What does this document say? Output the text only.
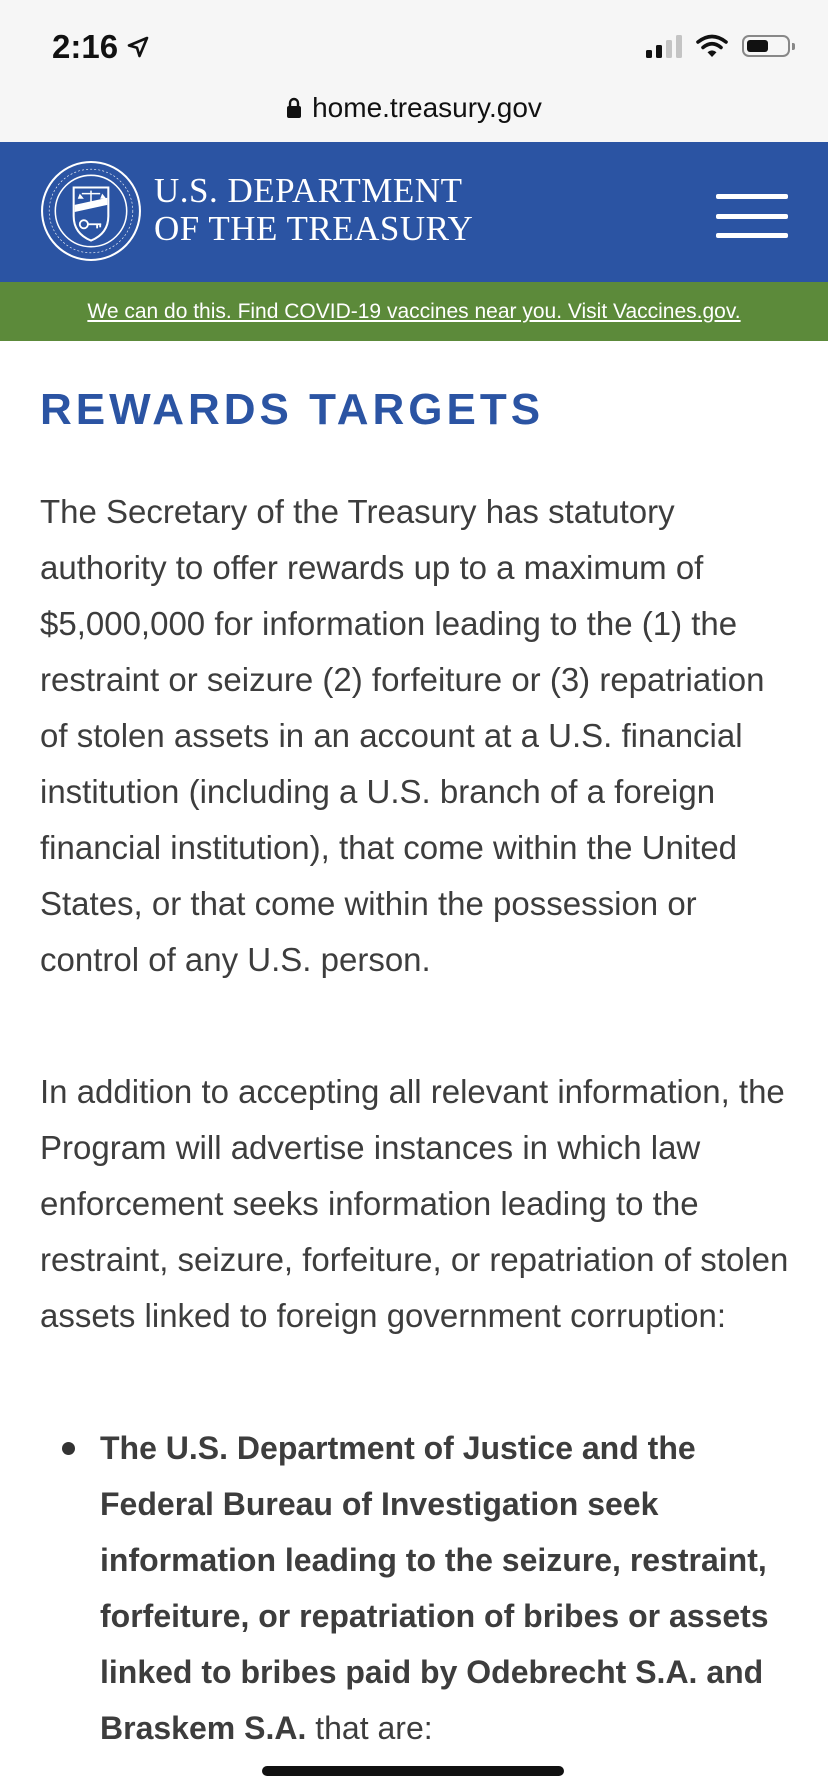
2:16
home.treasury.gov
U.S. DEPARTMENT
OF THE TREASURY
We can do this. Find COVID-19 vaccines near you. Visit Vaccines.gov.
REWARDS TARGETS

The Secretary of the Treasury has statutory authority to offer rewards up to a maximum of $5,000,000 for information leading to the (1) the restraint or seizure (2) forfeiture or (3) repatriation of stolen assets in an account at a U.S. financial institution (including a U.S. branch of a foreign financial institution), that come within the United States, or that come within the possession or control of any U.S. person.

In addition to accepting all relevant information, the Program will advertise instances in which law enforcement seeks information leading to the restraint, seizure, forfeiture, or repatriation of stolen assets linked to foreign government corruption:

The U.S. Department of Justice and the Federal Bureau of Investigation seek information leading to the seizure, restraint, forfeiture, or repatriation of bribes or assets linked to bribes paid by Odebrecht S.A. and Braskem S.A. that are:
